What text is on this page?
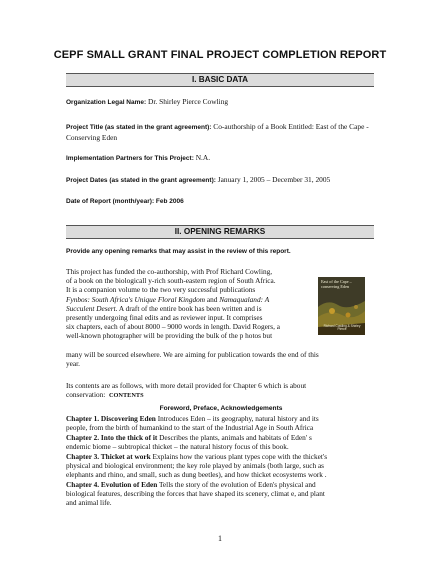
CEPF SMALL GRANT FINAL PROJECT COMPLETION REPORT
I. BASIC DATA
Organization Legal Name: Dr. Shirley Pierce Cowling
Project Title (as stated in the grant agreement): Co-authorship of a Book Entitled: East of the Cape - Conserving Eden
Implementation Partners for This Project: N.A.
Project Dates (as stated in the grant agreement): January 1, 2005 – December 31, 2005
Date of Report (month/year): Feb 2006
II. OPENING REMARKS
Provide any opening remarks that may assist in the review of this report.
This project has funded the co-authorship, with Prof Richard Cowling,
of a book on the biologicall y-rich south-eastern region of South Africa.
It is a companion volume to the two very successful publications
Fynbos: South Africa's Unique Floral Kingdom and Namaqualand: A
Succulent Desert. A draft of the entire book has been written and is
presently undergoing final edits and as reviewer input. It comprises
six chapters, each of about 8000 – 9000 words in length. David Rogers, a
well-known photographer will be providing the bulk of the p hotos but
many will be sourced elsewhere. We are aiming for publication towards the end of this
year.
East of the Cape – conserving Eden
Richard Cowling & Shirley Pierce
Its contents are as follows, with more detail provided for Chapter 6 which is about
conservation: CONTENTS
Foreword, Preface, Acknowledgements
Chapter 1. Discovering Eden Introduces Eden – its geography, natural history and its
people, from the birth of humankind to the start of the Industrial Age in South Africa
Chapter 2. Into the thick of it Describes the plants, animals and habitats of Eden' s
endemic biome – subtropical thicket – the natural history focus of this book.
Chapter 3. Thicket at work Explains how the various plant types cope with the thicket's
physical and biological environment; the key role played by animals (both large, such as
elephants and rhino, and small, such as dung beetles), and how thicket ecosystems work .
Chapter 4. Evolution of Eden Tells the story of the evolution of Eden's physical and
biological features, describing the forces that have shaped its scenery, climat e, and plant
and animal life.
1
